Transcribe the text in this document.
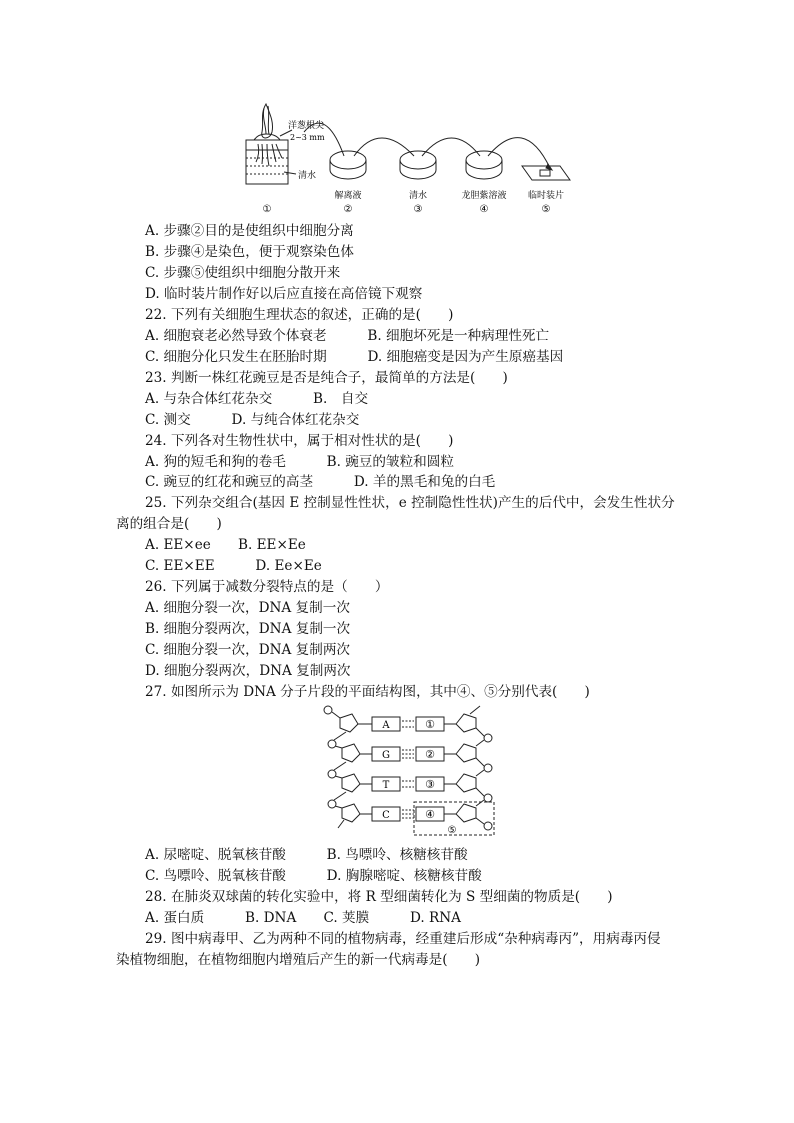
洋葱根尖
2~3 mm
清水
解离液	清水	龙胆紫溶液 临时装片
①	②	③	④	⑤
A. 步骤②目的是使组织中细胞分离
B. 步骤④是染色，便于观察染色体
C. 步骤⑤使组织中细胞分散开来
D. 临时装片制作好以后应直接在高倍镜下观察
22. 下列有关细胞生理状态的叙述，正确的是(　　)
A. 细胞衰老必然导致个体衰老　　　B. 细胞坏死是一种病理性死亡
C. 细胞分化只发生在胚胎时期　　　D. 细胞癌变是因为产生原癌基因
23. 判断一株红花豌豆是否是纯合子，最简单的方法是(　　)
A. 与杂合体红花杂交　　　B.　自交
C. 测交　　　D. 与纯合体红花杂交
24. 下列各对生物性状中，属于相对性状的是(　　)
A. 狗的短毛和狗的卷毛　　　B. 豌豆的皱粒和圆粒
C. 豌豆的红花和豌豆的高茎　　　D. 羊的黑毛和兔的白毛
25. 下列杂交组合(基因 E 控制显性性状，e 控制隐性性状)产生的后代中，会发生性状分
离的组合是(　　)
A. EE×ee　　B. EE×Ee
C. EE×EE　　　D. Ee×Ee
26. 下列属于减数分裂特点的是（　　）
A. 细胞分裂一次，DNA 复制一次
B. 细胞分裂两次，DNA 复制一次
C. 细胞分裂一次，DNA 复制两次
D. 细胞分裂两次，DNA 复制两次
27. 如图所示为 DNA 分子片段的平面结构图，其中④、⑤分别代表(　　)
A
G
T
C
①
②
③
④
⑤
A. 尿嘧啶、脱氧核苷酸　　　B. 鸟嘌呤、核糖核苷酸
C. 鸟嘌呤、脱氧核苷酸　　　D. 胸腺嘧啶、核糖核苷酸
28. 在肺炎双球菌的转化实验中，将 R 型细菌转化为 S 型细菌的物质是(　　)
A. 蛋白质　　　B. DNA　　C. 荚膜　　　D. RNA
29. 图中病毒甲、乙为两种不同的植物病毒，经重建后形成“杂种病毒丙”，用病毒丙侵
染植物细胞，在植物细胞内增殖后产生的新一代病毒是(　　)
